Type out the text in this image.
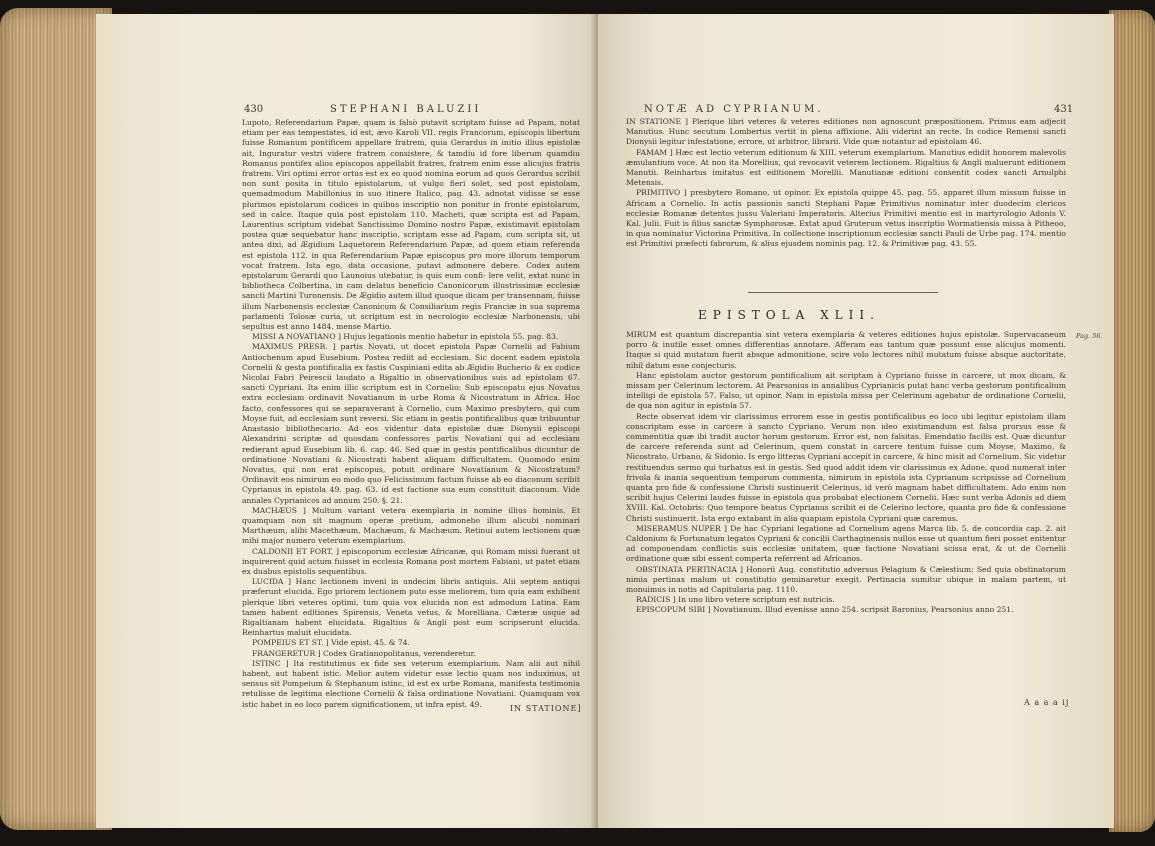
430	STEPHANI BALUZII

Lupoto, Referendarium Papæ, quam is falsò putavit scriptam fuisse ad Papam, notat etiam per eas tempestates, id est, ævo Karoli VII. regis Francorum, episcopis libertum fuisse Romanum pontificem appellare fratrem, quia Gerardus in initio illius epistolæ ait, Inguratur vestri videre fratrem consistere, & tamdiu id fore liberum quamdiu Romanus pontifex alios episcopos appellabit fratres, fratrem enim esse alicujus fratris fratrem. Viri optimi error ortus est ex eo quod nomina eorum ad quos Gerardus scribit non sunt posita in titulo epistolarum, ut vulgo fieri solet, sed post epistolam, quemadmodum Mabillonius in suo itinere Italico, pag. 43. adnotat vidisse se esse plurimos epistolarum codices in quibus inscriptio non ponitur in fronte epistolarum, sed in calce. Itaque quia post epistolam 110. Macheti, quæ scripta est ad Papam, Laurentius scriptum videbat Sanctissimo Domino nostro Papæ, existimavit epistolam postea quæ sequebatur hanc inscriptio, scriptam esse ad Papam, cum scripta sit, ut antea dixi, ad Ægidium Laquetorem Referendarium Papæ, ad quem etiam referenda est epistola 112. in qua Referendarium Papæ episcopus pro more illorum temporum vocat fratrem. Ista ego, data occasione, putavi admonere debere. Codex autem epistolarum Gerardi quo Launoius utebatur, is quis eum confi- lere velit, extat nunc in bibliotheca Colbertina, in cam delatus beneficio Canonicorum illustrissimæ ecclesiæ sancti Martini Turonensis. De Ægidio autem illud quoque dicam per transennam, fuisse illum Narbonensis ecclesiæ Canonicum & Consiliarium regis Franciæ in sua suprema parlamenti Tolosæ curia, ut scriptum est in necrologio ecclesiæ Narbonensis, ubi sepultus est anno 1484. mense Martio.

MISSI A NOVATIANO ] Hujus legationis mentio habetur in epistola 55. pag. 83.

MAXIMUS PRESB. ] partis Novati, ut docet epistola Papæ Cornelii ad Fabium Antiochenum apud Eusebium. Postea rediit ad ecclesiam. Sic docent eadem epistola Cornelii & gesta pontificalia ex fastis Cuspiniani edita ab Ægidio Bucherio & ex codice Nicolai Fabri Peirescii laudato a Rigaltio in observationibus suis ad epistolam 67. sancti Cypriani. Ita enim illic scriptum est in Cornelio: Sub episcopatu ejus Novatus extra ecclesiam ordinavit Novatianum in urbe Roma & Nicostratum in Africa. Hoc facto, confessores qui se separaverant à Cornelio, cum Maximo presbytero, qui cum Moyse fuit, ad ecclesiam sunt reversi. Sic etiam in gestis pontificalibus quæ tribuuntur Anastasio bibliothecario. Ad eos videntur data epistolæ duæ Dionysii episcopi Alexandrini scriptæ ad quosdam confessores partis Novatiani qui ad ecclesiam redierant apud Eusebium lib. 6. cap. 46. Sed quæ in gestis pontificalibus dicuntur de ordinatione Novatiani & Nicostrati habent aliquam difficultatem. Quomodo enim Novatus, qui non erat episcopus, potuit ordinare Novatianum & Nicostratum? Ordinavit eos nimirum eo modo quo Felicissimum factum fuisse ab eo diaconum scribit Cyprianus in epistola 49. pag. 63. id est factione sua eum constituit diaconum. Vide annales Cyprianicos ad annum 250. §. 21.

MACHÆUS ] Multum variant vetera exemplaria in nomine illius hominis. Et quamquam non sit magnum operæ pretium, admonebo illum alicubi nominari Marthæum, alibi Macethæum, Machæum, & Machæum. Retinui autem lectionem quæ mihi major numero veterum exemplarium.

CALDONII ET FORT. ] episcoporum ecclesiæ Africanæ, qui Romam missi fuerant ut inquirerent quid actum fuisset in ecclesia Romana post mortem Fabiani, ut patet etiam ex duabus epistolis sequentibus.

LUCIDA ] Hanc lectionem inveni in undecim libris antiquis. Alii septem antiqui præferunt elucida. Ego priorem lectionem puto esse meliorem, tum quia eam exhibent plerique libri veteres optimi, tum quia vox elucida non est admodum Latina. Eam tamen habent editiones Spirensis, Veneta vetus, & Morelliana. Cæteræ usque ad Rigaltianam habent elucidata. Rigaltius & Angli post eum scripserunt elucida. Reinhartus maluit elucidata.

POMPEIUS ET ST. ] Vide epist. 45. & 74.

FRANGERETUR ] Codex Gratianopolitanus, verenderetur.

ISTINC ] Ita restitutimus ex fide sex veterum exemplarium. Nam alii aut nihil habent, aut habent istic. Melior autem videtur esse lectio quam nos induximus, ut sensus sit Pompeium & Stephanum istinc, id est ex urbe Romana, manifesta testimonia retulisse de legitima electione Cornelii & falsa ordinatione Novatiani. Quamquam vox istic habet in eo loco parem significationem, ut infra epist. 49.	IN STATIONE]
NOTÆ AD CYPRIANUM.	431

IN STATIONE ] Plerique libri veteres & veteres editiones non agnoscunt præpositionem. Primus eam adjecit Manutius. Hunc secutum Lombertus vertit in plena affixione. Alii viderint an recte. In codice Remensi sancti Dionysii legitur infestatione, errore, ut arbitror, librarii. Vide quæ notantur ad epistolam 46.

FAMAM ] Hæc est lectio veterum editionum & XIII. veterum exemplarium. Manutius edidit honorem malevolis æmulantium voce. At non ita Morellius, qui revocavit veterem lectionem. Rigaltius & Angli maluerunt editionem Manutii. Reinhartus imitatus est editionem Morellii. Manutianæ editioni consentit codex sancti Arnulphi Metensis.

PRIMITIVO ] presbytero Romano, ut opinor. Ex epistola quippe 45. pag. 55. apparet illum missum fuisse in Africam a Cornelio. In actis passionis sancti Stephani Papæ Primitivus nominatur inter duodecim clericos ecclesiæ Romanæ detentos jussu Valeriani Imperatoris. Alterius Primitivi mentio est in martyrologio Adonis V. Kal. Julii. Fuit is filius sanctæ Symphorosæ. Extat apud Gruterum vetus inscriptio Wormatiensis missa à Pitheoo, in qua nominatur Victorina Primitiva. In collectione inscriptionum ecclesiæ sancti Pauli de Urbe pag. 174. mentio est Primitivi præfecti fabrorum, & alius ejusdem nominis pag. 12. & Primitivæ pag. 43. 55.

EPISTOLA XLII.
Pag. 56.

MIRUM est quantum discrepantia sint vetera exemplaria & veteres editiones hujus epistolæ. Supervacaneum porro & inutile esset omnes differentias annotare. Afferam eas tantum quæ possunt esse alicujus momenti. Itaque si quid mutatum fuerit absque admonitione, scire volo lectores nihil mutatum fuisse absque auctoritate, nihil datum esse conjecturis.

Hanc epistolam auctor gestorum pontificalium ait scriptam à Cypriano fuisse in carcere, ut mox dicam, & missam per Celerinum lectorem. At Pearsonius in annalibus Cyprianicis putat hanc verba gestorum pontificalium intelligi de epistola 57. Falso, ut opinor. Nam in epistola missa per Celerinum agebatur de ordinatione Cornelii, de qua non agitur in epistola 57.

Recte observat idem vir clarissimus errorem esse in gestis pontificalibus eo loco ubi legitur epistolam illam conscriptam esse in carcere à sancto Cypriano. Verum non ideo existimandum est falsa prorsus esse & commentitia quæ ibi tradit auctor horum gestorum. Error est, non falsitas. Emendatio facilis est. Quæ dicuntur de carcere referenda sunt ad Celerinum, quem constat in carcere tentum fuisse cum Moyse, Maximo, & Nicostrato, Urbano, & Sidonio. Is ergo litteras Cypriani accepit in carcere, & hinc misit ad Cornelium. Sic videtur restituendus sermo qui turbatus est in gestis. Sed quod addit idem vir clarissimus ex Adone, quod numerat inter frivola & inania sequentium temporum commenta, nimirum in epistola ista Cyprianum scripsisse ad Cornelium quanta pro fide & confessione Christi sustinuerit Celerinus, id verò magnam habet difficultatem. Ado enim non scribit hujus Celerini laudes fuisse in epistola qua probabat electionem Cornelii. Hæc sunt verba Adonis ad diem XVIII. Kal. Octobris: Quo tempore beatus Cyprianus scribit ei de Celerino lectore, quanta pro fide & confessione Christi sustinuerit. Ista ergo extabant in alia quapiam epistola Cypriani quæ caremus.

MISERAMUS NUPER ] De hac Cypriani legatione ad Cornelium agens Marca lib. 5. de concordia cap. 2. ait Caldonium & Fortunatum legatos Cypriani & concilii Carthaginensis nullos esse ut quantum fieri posset enitentur ad componendam conflictis suis ecclesiæ unitatem, quæ factione Novatiani scissa erat, & ut de Cornelii ordinatione quæ sibi essent comperta referrent ad Africanos.

OBSTINATA PERTINACIA ] Honorii Aug. constitutio adversus Pelagium & Cælestium: Sed quia obstinatorum nimia pertinax malum ut constitutio geminaretur exegit. Pertinacia sumitur ubique in malam partem, ut monuimus in notis ad Capitularia pag. 1110.

RADICIS ] In uno libro vetere scriptum est nutricis.

EPISCOPUM SIBI ] Novatianum. Illud evenisse anno 254. scripsit Baronius, Pearsonius anno 251.

A a a a ij
